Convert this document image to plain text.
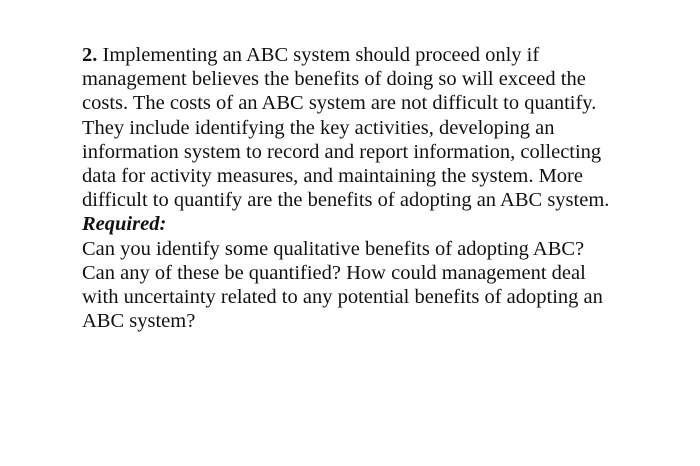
2. Implementing an ABC system should proceed only if
management believes the benefits of doing so will exceed the
costs. The costs of an ABC system are not difficult to quantify.
They include identifying the key activities, developing an
information system to record and report information, collecting
data for activity measures, and maintaining the system. More
difficult to quantify are the benefits of adopting an ABC system.
Required:
Can you identify some qualitative benefits of adopting ABC?
Can any of these be quantified? How could management deal
with uncertainty related to any potential benefits of adopting an
ABC system?
